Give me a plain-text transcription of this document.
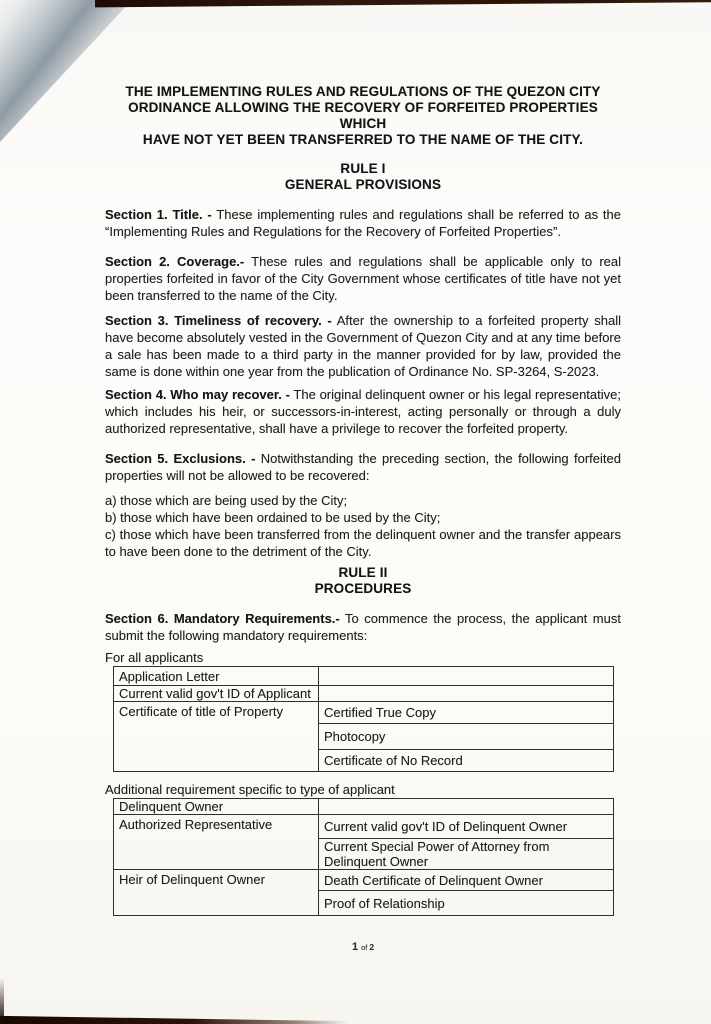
THE IMPLEMENTING RULES AND REGULATIONS OF THE QUEZON CITY
ORDINANCE ALLOWING THE RECOVERY OF FORFEITED PROPERTIES WHICH
HAVE NOT YET BEEN TRANSFERRED TO THE NAME OF THE CITY.
RULE I
GENERAL PROVISIONS

Section 1. Title. - These implementing rules and regulations shall be referred to as the “Implementing Rules and Regulations for the Recovery of Forfeited Properties”.

Section 2. Coverage.- These rules and regulations shall be applicable only to real properties forfeited in favor of the City Government whose certificates of title have not yet been transferred to the name of the City.

Section 3. Timeliness of recovery. - After the ownership to a forfeited property shall have become absolutely vested in the Government of Quezon City and at any time before a sale has been made to a third party in the manner provided for by law, provided the same is done within one year from the publication of Ordinance No. SP-3264, S-2023.

Section 4. Who may recover. - The original delinquent owner or his legal representative; which includes his heir, or successors-in-interest, acting personally or through a duly authorized representative, shall have a privilege to recover the forfeited property.

Section 5. Exclusions. - Notwithstanding the preceding section, the following forfeited properties will not be allowed to be recovered:

a) those which are being used by the City;

b) those which have been ordained to be used by the City;

c) those which have been transferred from the delinquent owner and the transfer appears to have been done to the detriment of the City.

RULE II
PROCEDURES

Section 6. Mandatory Requirements.- To commence the process, the applicant must submit the following mandatory requirements:

For all applicants

Application Letter	
Current valid gov't ID of Applicant	
Certificate of title of Property	Certified True Copy
	Photocopy
	Certificate of No Record

Additional requirement specific to type of applicant

Delinquent Owner	
Authorized Representative	Current valid gov't ID of Delinquent Owner
	Current Special Power of Attorney from Delinquent Owner
Heir of Delinquent Owner	Death Certificate of Delinquent Owner
	Proof of Relationship
1 of 2
